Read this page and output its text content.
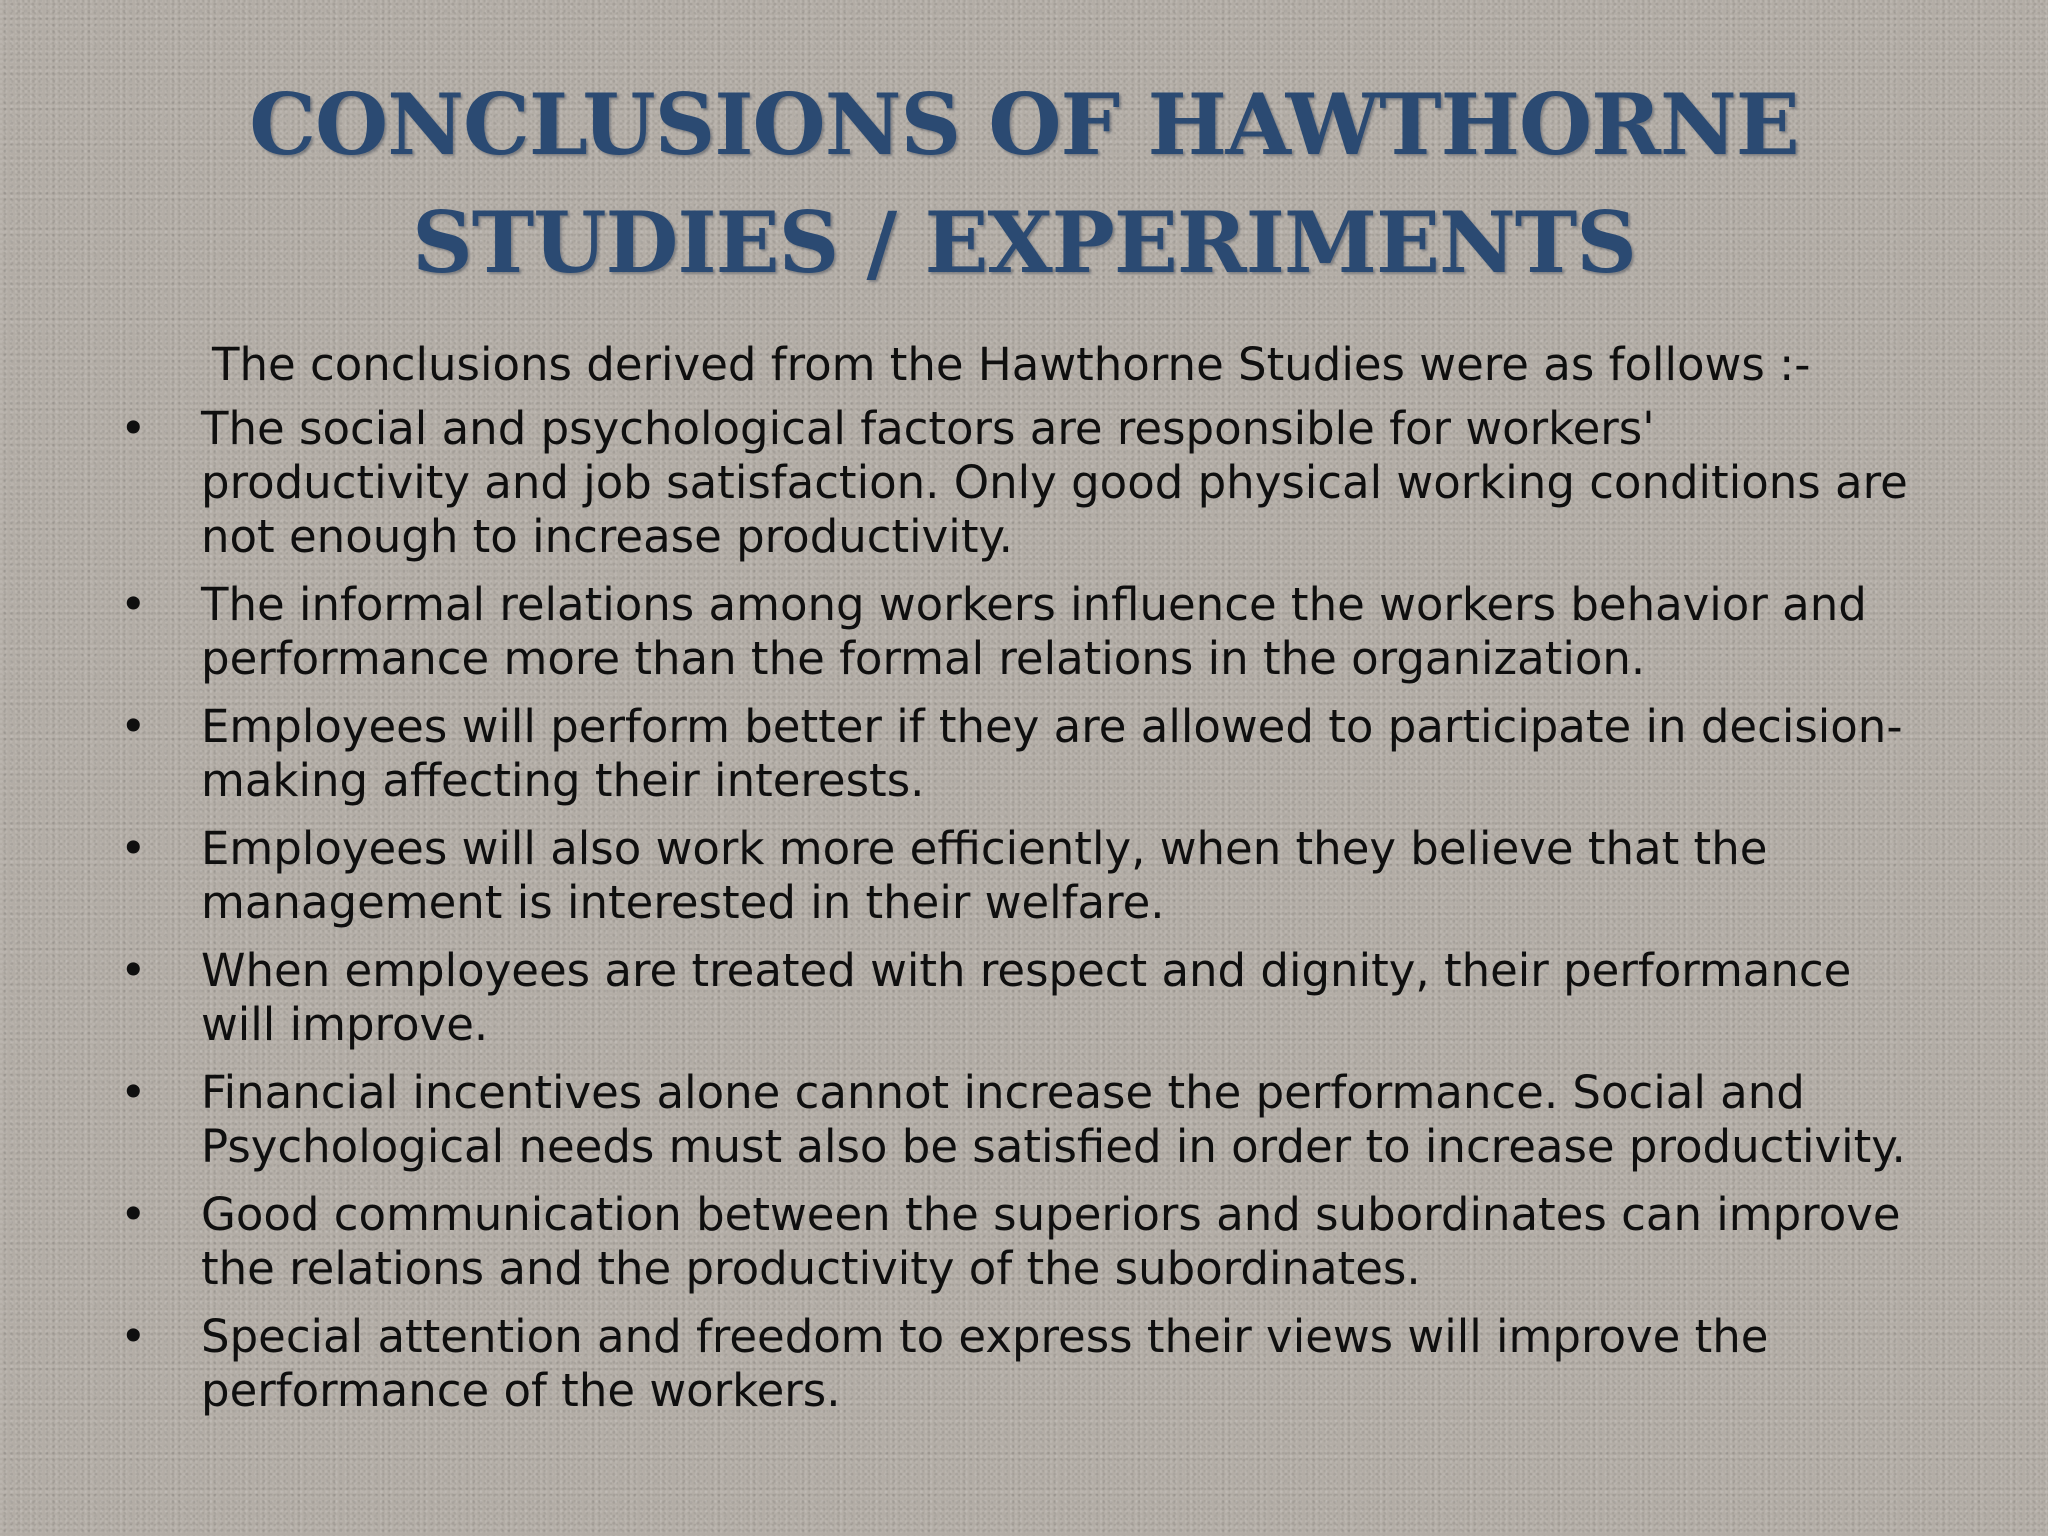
CONCLUSIONS OF HAWTHORNE
STUDIES / EXPERIMENTS
The conclusions derived from the Hawthorne Studies were as follows :-
• The social and psychological factors are responsible for workers' productivity and job satisfaction. Only good physical working conditions are not enough to increase productivity.
• The informal relations among workers influence the workers behavior and performance more than the formal relations in the organization.
• Employees will perform better if they are allowed to participate in decision-making affecting their interests.
• Employees will also work more efficiently, when they believe that the management is interested in their welfare.
• When employees are treated with respect and dignity, their performance will improve.
• Financial incentives alone cannot increase the performance. Social and Psychological needs must also be satisfied in order to increase productivity.
• Good communication between the superiors and subordinates can improve the relations and the productivity of the subordinates.
• Special attention and freedom to express their views will improve the performance of the workers.
